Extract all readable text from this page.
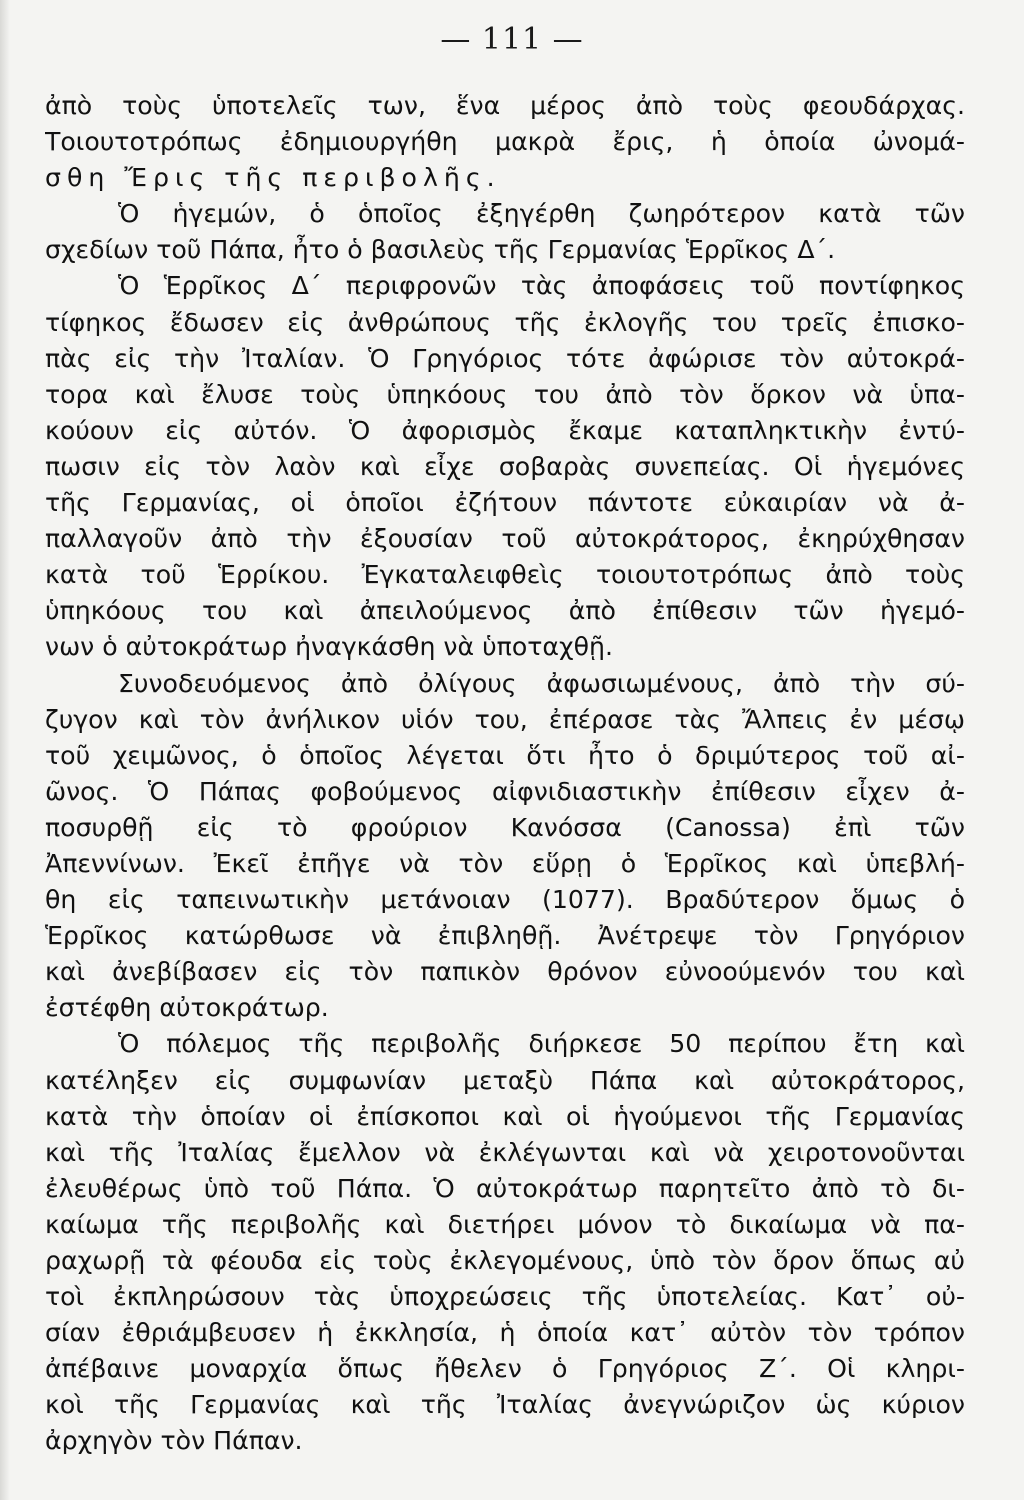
— 111 —
ἀπὸ τοὺς ὑποτελεῖς των, ἕνα μέρος ἀπὸ τοὺς φεουδάρχας.
Τοιουτοτρόπως ἐδημιουργήθη μακρὰ ἔρις, ἡ ὁποία ὠνομά-
σθη Ἔρις τῆς περιβολῆς.
Ὁ ἡγεμών, ὁ ὁποῖος ἐξηγέρθη ζωηρότερον κατὰ τῶν
σχεδίων τοῦ Πάπα, ἦτο ὁ βασιλεὺς τῆς Γερμανίας Ἑρρῖκος Δ΄.
Ὁ Ἑρρῖκος Δ΄ περιφρονῶν τὰς ἀποφάσεις τοῦ ποντίφηκος
τίφηκος ἔδωσεν εἰς ἀνθρώπους τῆς ἐκλογῆς του τρεῖς ἐπισκο-
πὰς εἰς τὴν Ἰταλίαν. Ὁ Γρηγόριος τότε ἀφώρισε τὸν αὐτοκρά-
τορα καὶ ἔλυσε τοὺς ὑπηκόους του ἀπὸ τὸν ὅρκον νὰ ὑπα-
κούουν εἰς αὐτόν. Ὁ ἀφορισμὸς ἔκαμε καταπληκτικὴν ἐντύ-
πωσιν εἰς τὸν λαὸν καὶ εἶχε σοβαρὰς συνεπείας. Οἱ ἡγεμόνες
τῆς Γερμανίας, οἱ ὁποῖοι ἐζήτουν πάντοτε εὐκαιρίαν νὰ ἀ-
παλλαγοῦν ἀπὸ τὴν ἐξουσίαν τοῦ αὐτοκράτορος, ἐκηρύχθησαν
κατὰ τοῦ Ἑρρίκου. Ἐγκαταλειφθεὶς τοιουτοτρόπως ἀπὸ τοὺς
ὑπηκόους του καὶ ἀπειλούμενος ἀπὸ ἐπίθεσιν τῶν ἡγεμό-
νων ὁ αὐτοκράτωρ ἠναγκάσθη νὰ ὑποταχθῇ.
Συνοδευόμενος ἀπὸ ὀλίγους ἀφωσιωμένους, ἀπὸ τὴν σύ-
ζυγον καὶ τὸν ἀνήλικον υἱόν του, ἐπέρασε τὰς Ἄλπεις ἐν μέσῳ
τοῦ χειμῶνος, ὁ ὁποῖος λέγεται ὅτι ἦτο ὁ δριμύτερος τοῦ αἰ-
ῶνος. Ὁ Πάπας φοβούμενος αἰφνιδιαστικὴν ἐπίθεσιν εἶχεν ἀ-
ποσυρθῇ εἰς τὸ φρούριον Κανόσσα (Canossa) ἐπὶ τῶν
Ἀπεννίνων. Ἐκεῖ ἐπῆγε νὰ τὸν εὕρῃ ὁ Ἑρρῖκος καὶ ὑπεβλή-
θη εἰς ταπεινωτικὴν μετάνοιαν (1077). Βραδύτερον ὅμως ὁ
Ἑρρῖκος κατώρθωσε νὰ ἐπιβληθῇ. Ἀνέτρεψε τὸν Γρηγόριον
καὶ ἀνεβίβασεν εἰς τὸν παπικὸν θρόνον εὐνοούμενόν του καὶ
ἐστέφθη αὐτοκράτωρ.
Ὁ πόλεμος τῆς περιβολῆς διήρκεσε 50 περίπου ἔτη καὶ
κατέληξεν εἰς συμφωνίαν μεταξὺ Πάπα καὶ αὐτοκράτορος,
κατὰ τὴν ὁποίαν οἱ ἐπίσκοποι καὶ οἱ ἡγούμενοι τῆς Γερμανίας
καὶ τῆς Ἰταλίας ἔμελλον νὰ ἐκλέγωνται καὶ νὰ χειροτονοῦνται
ἐλευθέρως ὑπὸ τοῦ Πάπα. Ὁ αὐτοκράτωρ παρητεῖτο ἀπὸ τὸ δι-
καίωμα τῆς περιβολῆς καὶ διετήρει μόνον τὸ δικαίωμα νὰ πα-
ραχωρῇ τὰ φέουδα εἰς τοὺς ἐκλεγομένους, ὑπὸ τὸν ὅρον ὅπως αὐ
τοὶ ἐκπληρώσουν τὰς ὑποχρεώσεις τῆς ὑποτελείας. Κατ᾽ οὐ-
σίαν ἐθριάμβευσεν ἡ ἐκκλησία, ἡ ὁποία κατ᾽ αὐτὸν τὸν τρόπον
ἀπέβαινε μοναρχία ὅπως ἤθελεν ὁ Γρηγόριος Ζ΄. Οἱ κληρι-
κοὶ τῆς Γερμανίας καὶ τῆς Ἰταλίας ἀνεγνώριζον ὡς κύριον
ἀρχηγὸν τὸν Πάπαν.
